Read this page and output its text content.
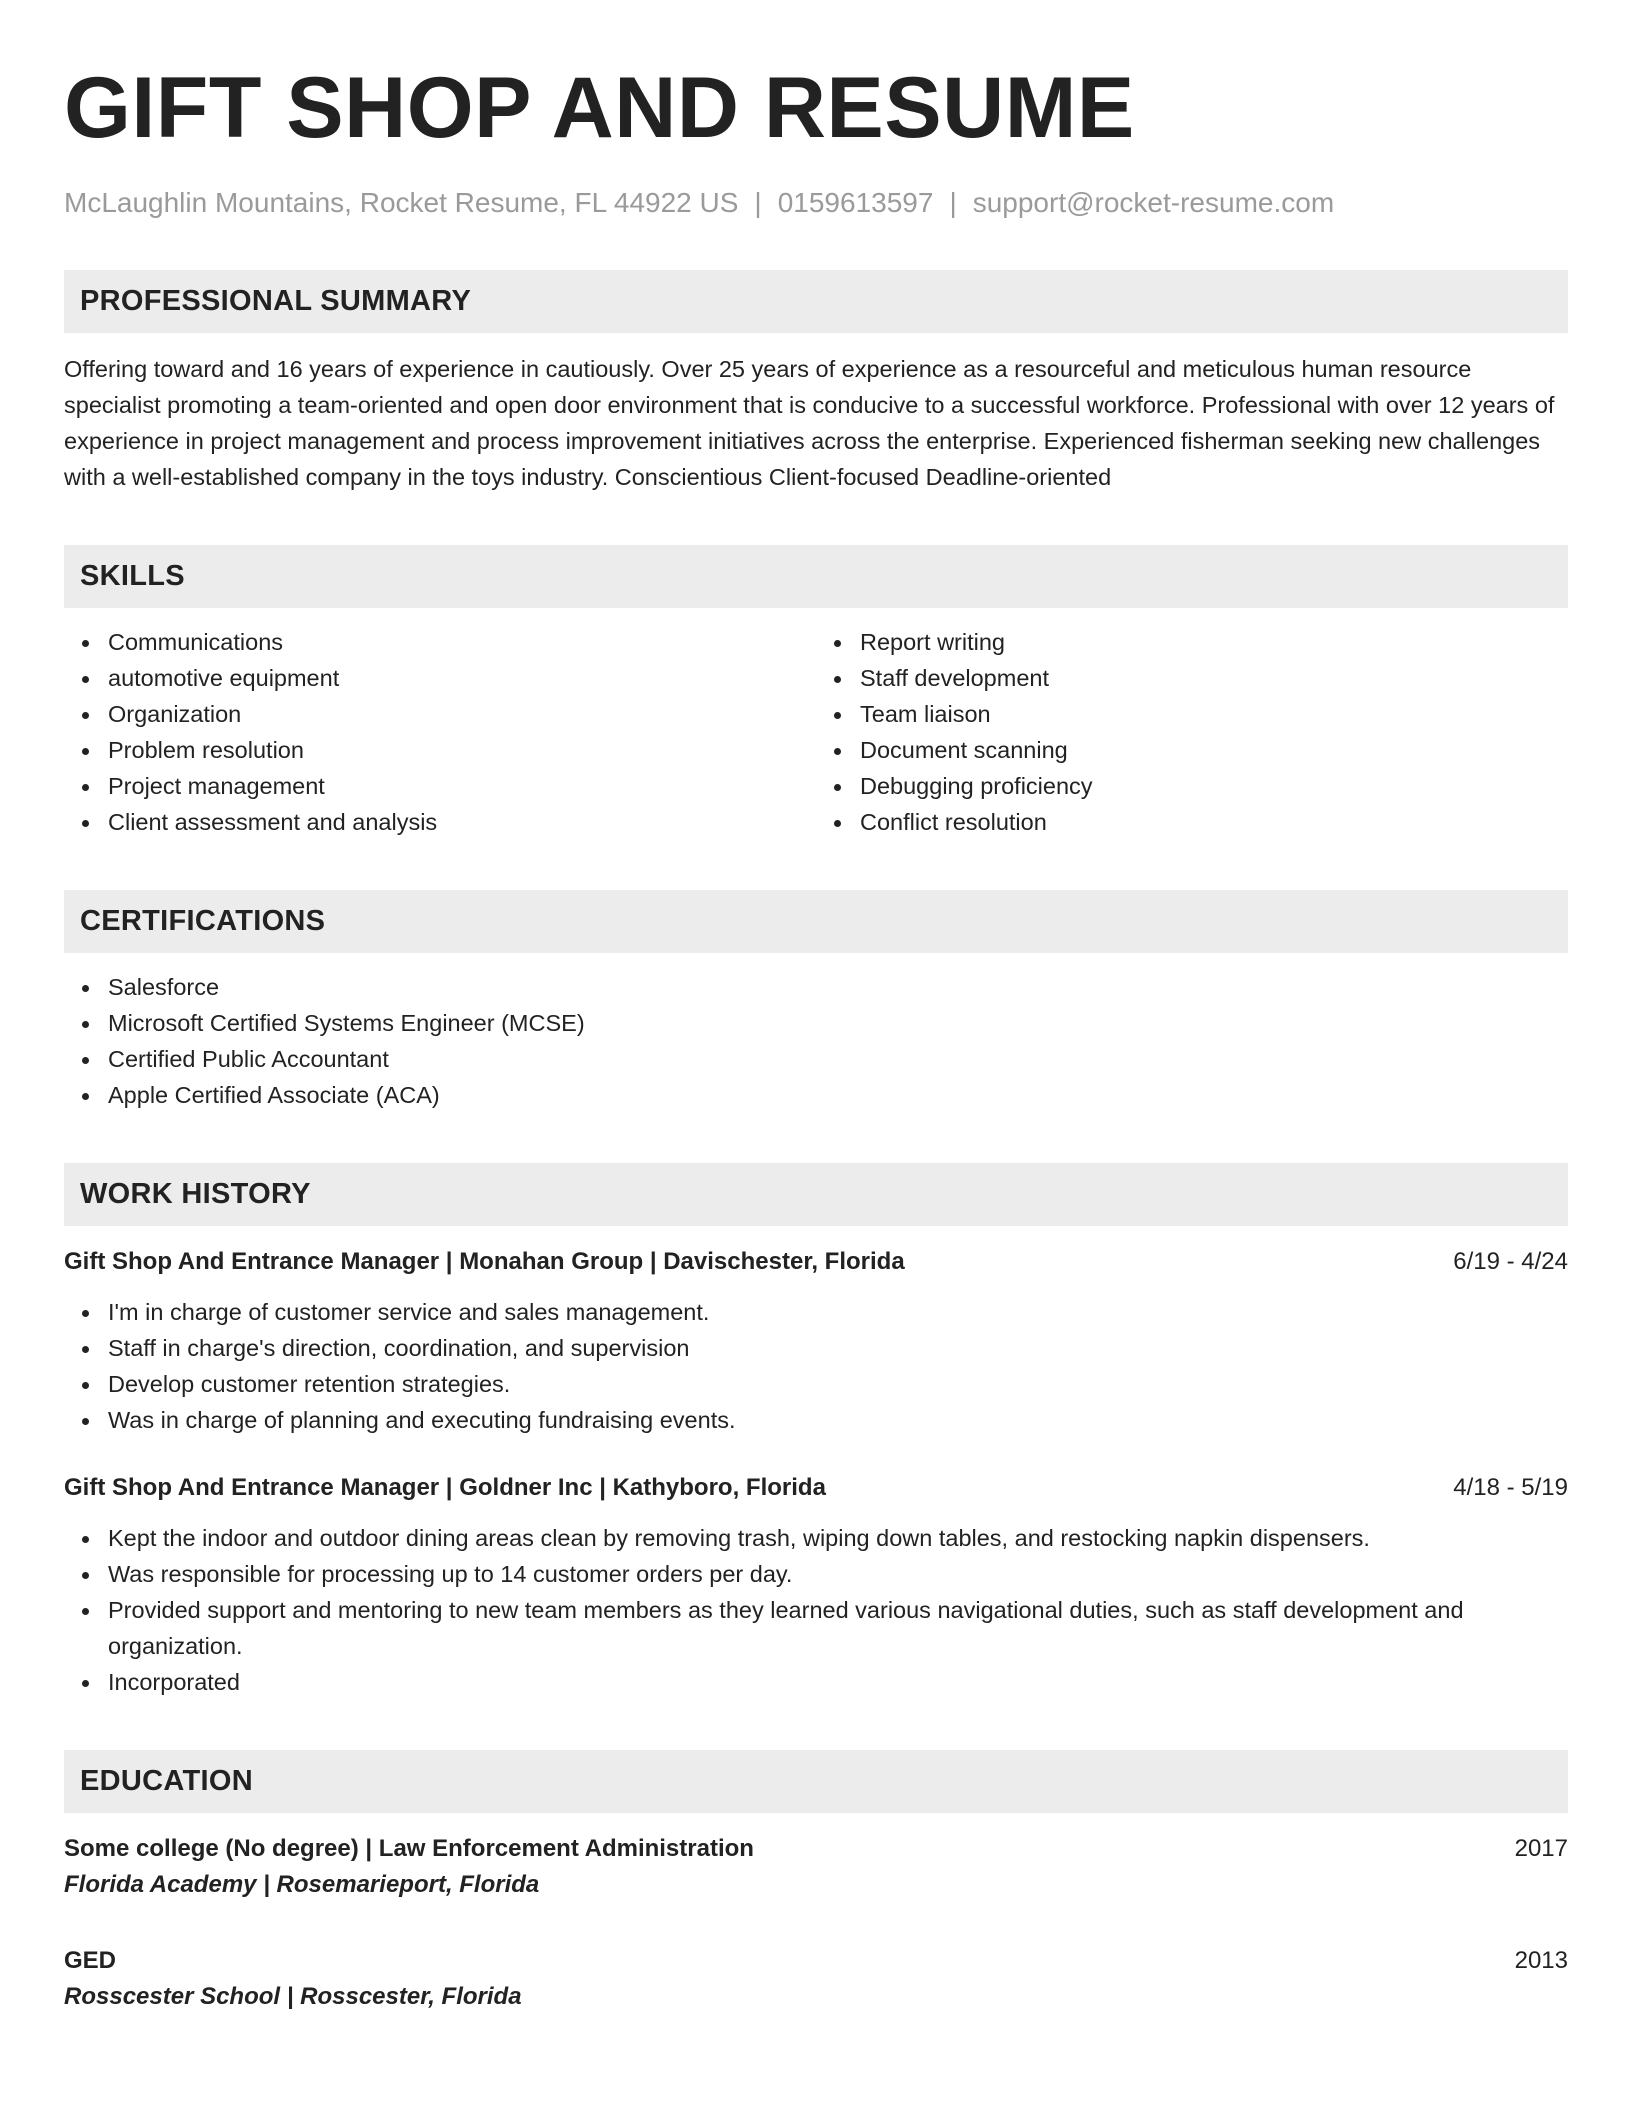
GIFT SHOP AND RESUME
McLaughlin Mountains, Rocket Resume, FL 44922 US | 0159613597 | support@rocket-resume.com
PROFESSIONAL SUMMARY
Offering toward and 16 years of experience in cautiously. Over 25 years of experience as a resourceful and meticulous human resource specialist promoting a team-oriented and open door environment that is conducive to a successful workforce. Professional with over 12 years of experience in project management and process improvement initiatives across the enterprise. Experienced fisherman seeking new challenges with a well-established company in the toys industry. Conscientious Client-focused Deadline-oriented
SKILLS
Communications
automotive equipment
Organization
Problem resolution
Project management
Client assessment and analysis
Report writing
Staff development
Team liaison
Document scanning
Debugging proficiency
Conflict resolution
CERTIFICATIONS
Salesforce
Microsoft Certified Systems Engineer (MCSE)
Certified Public Accountant
Apple Certified Associate (ACA)
WORK HISTORY
Gift Shop And Entrance Manager | Monahan Group | Davischester, Florida	6/19 - 4/24
I'm in charge of customer service and sales management.
Staff in charge's direction, coordination, and supervision
Develop customer retention strategies.
Was in charge of planning and executing fundraising events.
Gift Shop And Entrance Manager | Goldner Inc | Kathyboro, Florida	4/18 - 5/19
Kept the indoor and outdoor dining areas clean by removing trash, wiping down tables, and restocking napkin dispensers.
Was responsible for processing up to 14 customer orders per day.
Provided support and mentoring to new team members as they learned various navigational duties, such as staff development and organization.
Incorporated
EDUCATION
Some college (No degree) | Law Enforcement Administration	2017
Florida Academy | Rosemarieport, Florida
GED	2013
Rosscester School | Rosscester, Florida
